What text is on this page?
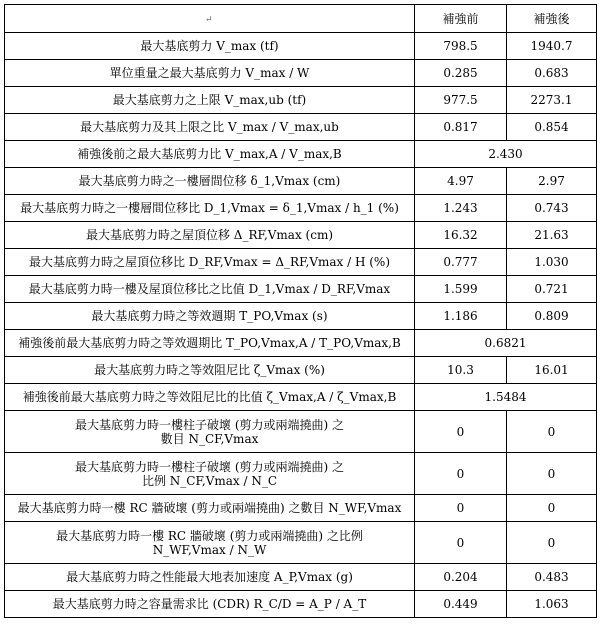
↵	補強前	補強後
最大基底剪力 V_max (tf)	798.5	1940.7
單位重量之最大基底剪力 V_max / W	0.285	0.683
最大基底剪力之上限 V_max,ub (tf)	977.5	2273.1
最大基底剪力及其上限之比 V_max / V_max,ub	0.817	0.854
補強後前之最大基底剪力比 V_max,A / V_max,B	2.430	
最大基底剪力時之一樓層間位移 δ_1,Vmax (cm)	4.97	2.97
最大基底剪力時之一樓層間位移比 D_1,Vmax = δ_1,Vmax / h_1 (%)	1.243	0.743
最大基底剪力時之屋頂位移 Δ_RF,Vmax (cm)	16.32	21.63
最大基底剪力時之屋頂位移比 D_RF,Vmax = Δ_RF,Vmax / H (%)	0.777	1.030
最大基底剪力時一樓及屋頂位移比之比值 D_1,Vmax / D_RF,Vmax	1.599	0.721
最大基底剪力時之等效週期 T_PO,Vmax (s)	1.186	0.809
補強後前最大基底剪力時之等效週期比 T_PO,Vmax,A / T_PO,Vmax,B	0.6821	
最大基底剪力時之等效阻尼比 ζ_Vmax (%)	10.3	16.01
補強後前最大基底剪力時之等效阻尼比的比值 ζ_Vmax,A / ζ_Vmax,B	1.5484	

最大基底剪力時一樓柱子破壞 (剪力或兩端撓曲) 之
數目 N_CF,Vmax	0	0

最大基底剪力時一樓柱子破壞 (剪力或兩端撓曲) 之
比例 N_CF,Vmax / N_C	0	0
最大基底剪力時一樓 RC 牆破壞 (剪力或兩端撓曲) 之數目 N_WF,Vmax	0	0

最大基底剪力時一樓 RC 牆破壞 (剪力或兩端撓曲) 之比例
N_WF,Vmax / N_W	0	0
最大基底剪力時之性能最大地表加速度 A_P,Vmax (g)	0.204	0.483
最大基底剪力時之容量需求比 (CDR) R_C/D = A_P / A_T	0.449	1.063
